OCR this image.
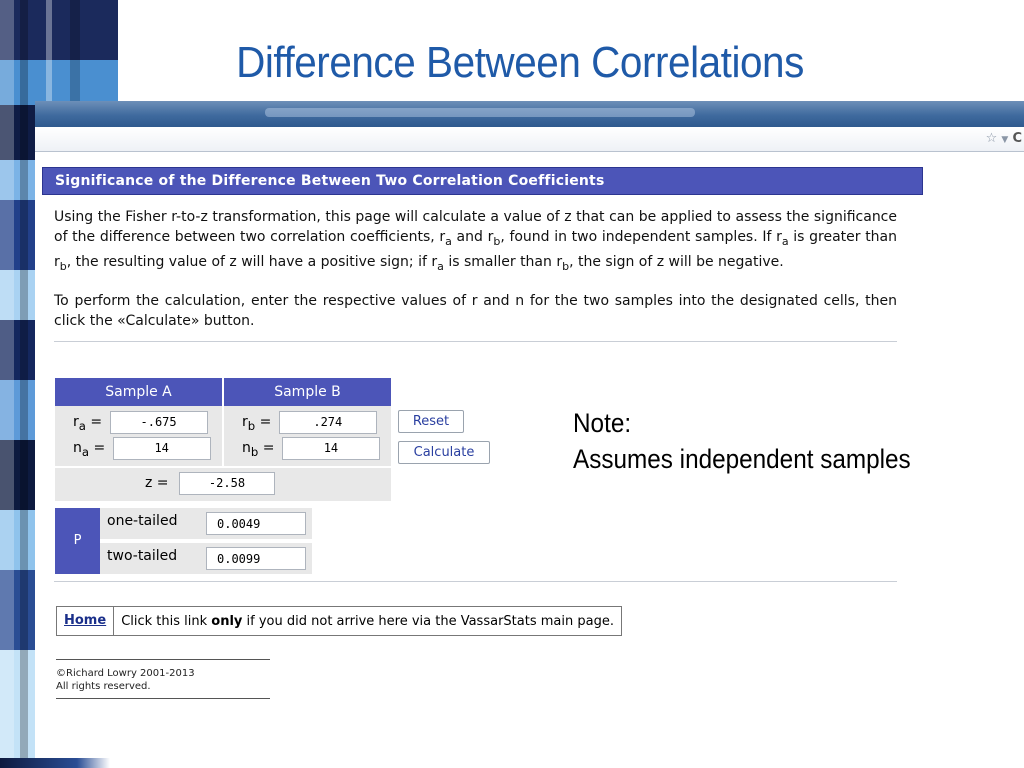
Difference Between Correlations
☆ ▼ C
Significance of the Difference Between Two Correlation Coefficients
Using the Fisher r-to-z transformation, this page will calculate a value of z that can be applied to assess the significance of the difference between two correlation coefficients, $r_a$ and $r_b$, found in two independent samples. If $r_a$ is greater than $r_b$, the resulting value of z will have a positive sign; if $r_a$ is smaller than $r_b$, the sign of z will be negative.
To perform the calculation, enter the respective values of r and n for the two samples into the designated cells, then click the «Calculate» button.
Sample A	Sample B
$r_a = -.675$	$r_b = .274$
$n_a = 14$	$n_b = 14$
z = -2.58	
P
one-tailed	0.0049
two-tailed	0.0099
Reset
Calculate
Note:
Assumes independent samples
Home	Click this link only if you did not arrive here via the VassarStats main page.
©Richard Lowry 2001-2013
All rights reserved.
